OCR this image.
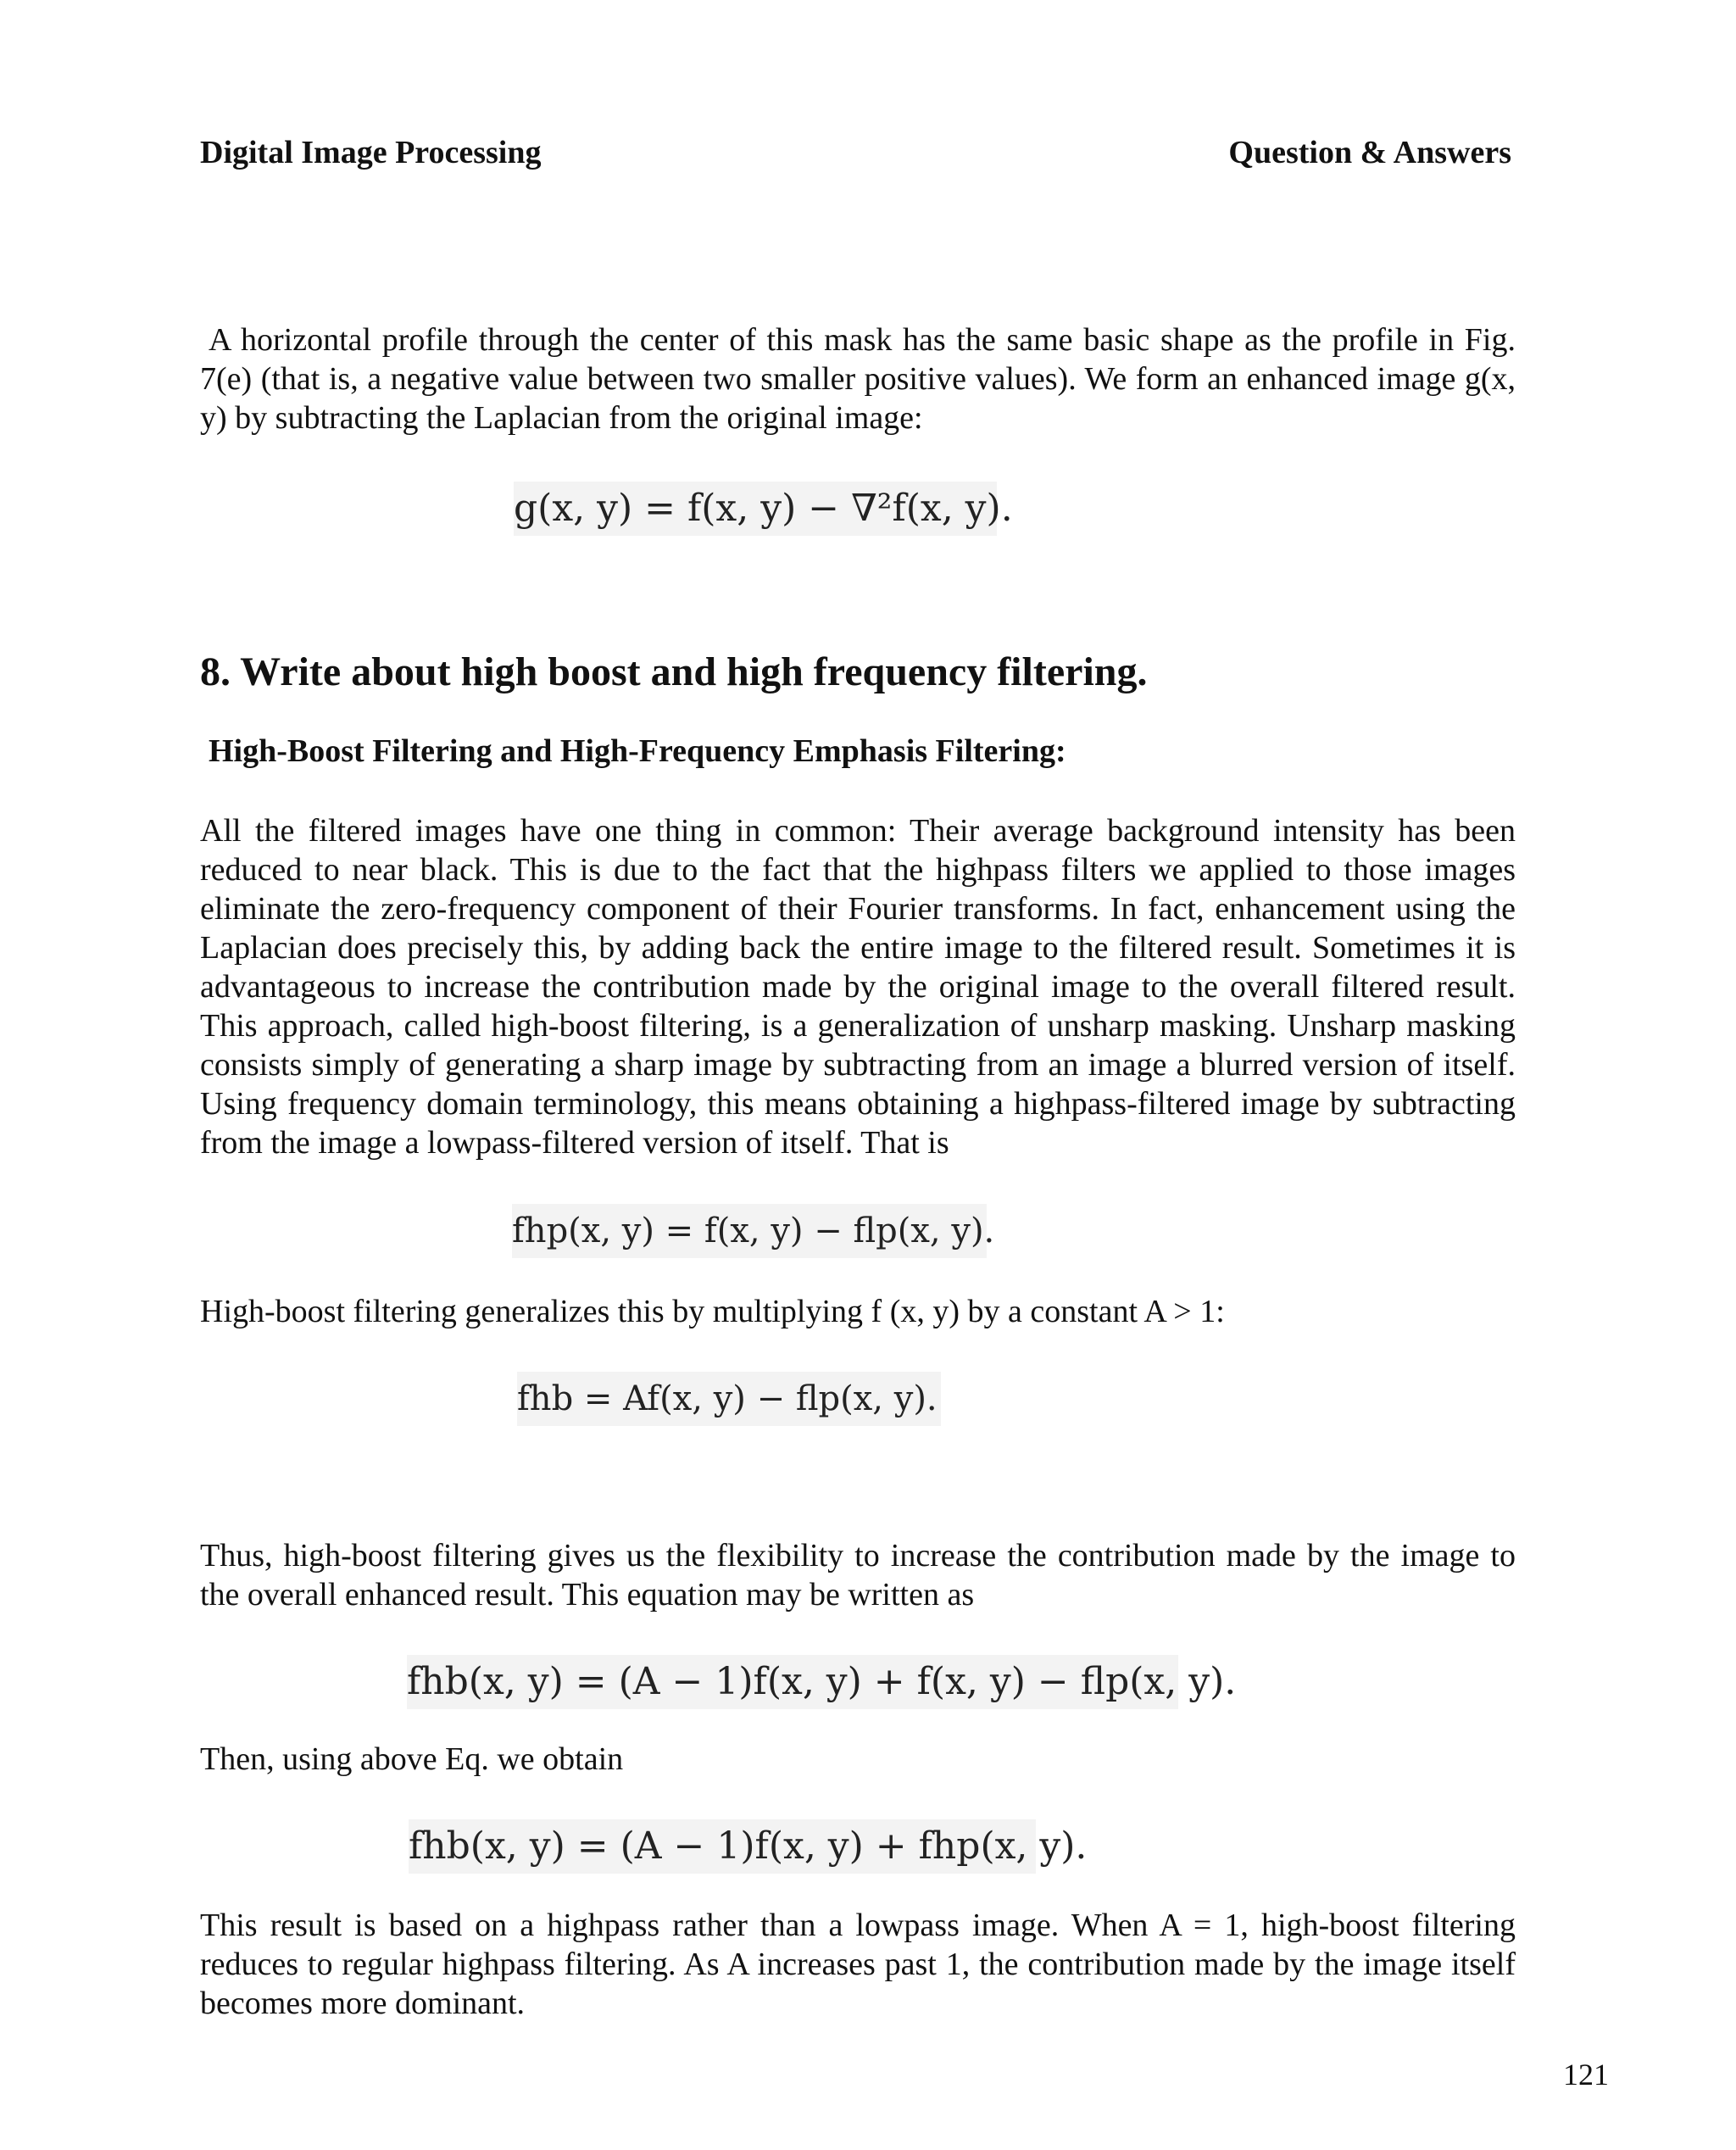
Digital Image Processing	Question & Answers

A horizontal profile through the center of this mask has the same basic shape as the profile in Fig. 7(e) (that is, a negative value between two smaller positive values). We form an enhanced image g(x, y) by subtracting the Laplacian from the original image:

g(x, y) = f(x, y) − ∇²f(x, y).
8. Write about high boost and high frequency filtering.
High-Boost Filtering and High-Frequency Emphasis Filtering:

All the filtered images have one thing in common: Their average background intensity has been reduced to near black. This is due to the fact that the highpass filters we applied to those images eliminate the zero-frequency component of their Fourier transforms. In fact, enhancement using the Laplacian does precisely this, by adding back the entire image to the filtered result. Sometimes it is advantageous to increase the contribution made by the original image to the overall filtered result. This approach, called high-boost filtering, is a generalization of unsharp masking. Unsharp masking consists simply of generating a sharp image by subtracting from an image a blurred version of itself. Using frequency domain terminology, this means obtaining a highpass-filtered image by subtracting from the image a lowpass-filtered version of itself. That is

fhp(x, y) = f(x, y) − flp(x, y).

High-boost filtering generalizes this by multiplying f (x, y) by a constant A > 1:

fhb = Af(x, y) − flp(x, y).

Thus, high-boost filtering gives us the flexibility to increase the contribution made by the image to the overall enhanced result. This equation may be written as

fhb(x, y) = (A − 1)f(x, y) + f(x, y) − flp(x, y).

Then, using above Eq. we obtain

fhb(x, y) = (A − 1)f(x, y) + fhp(x, y).

This result is based on a highpass rather than a lowpass image. When A = 1, high-boost filtering reduces to regular highpass filtering. As A increases past 1, the contribution made by the image itself becomes more dominant.

121
